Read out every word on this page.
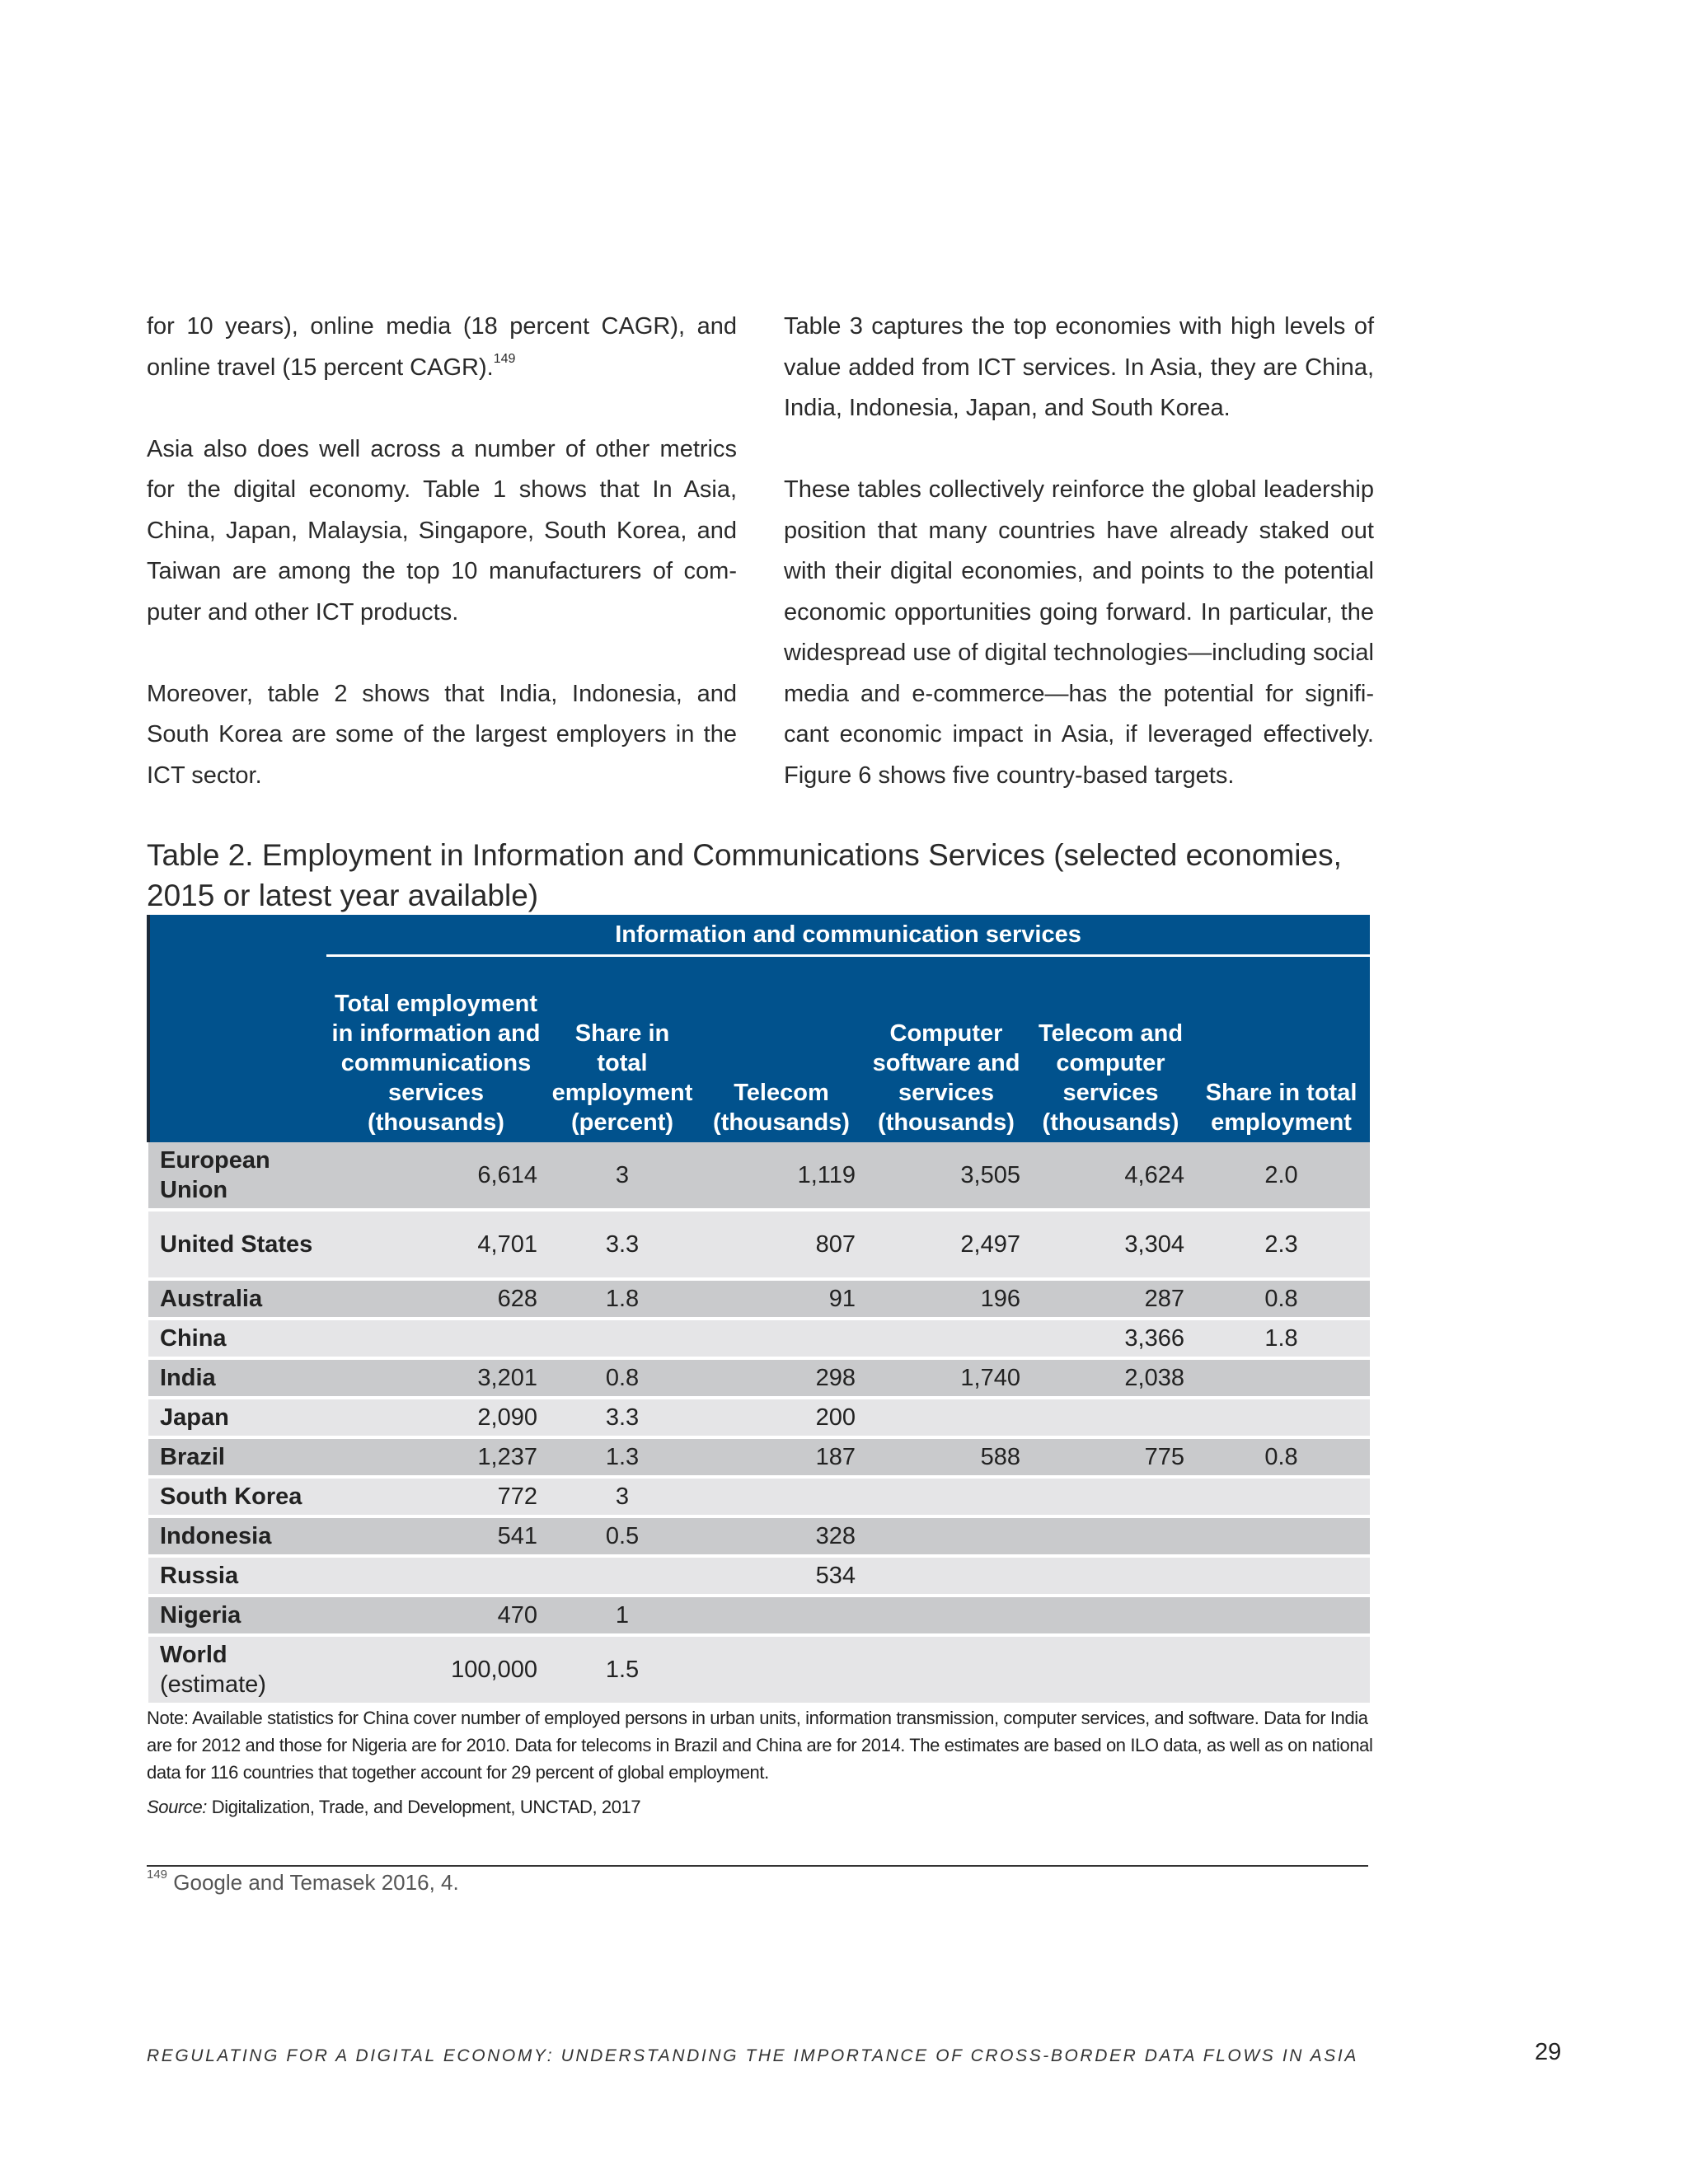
for 10 years), online media (18 percent CAGR), and online travel (15 percent CAGR).$^{149}$

Asia also does well across a number of other metrics for the digital economy. Table 1 shows that In Asia, China, Japan, Malaysia, Singapore, South Korea, and Taiwan are among the top 10 manufacturers of com-puter and other ICT products.

Moreover, table 2 shows that India, Indonesia, and South Korea are some of the largest employers in the ICT sector.

Table 3 captures the top economies with high levels of value added from ICT services. In Asia, they are China, India, Indonesia, Japan, and South Korea.

These tables collectively reinforce the global leadership position that many countries have already staked out with their digital economies, and points to the potential economic opportunities going forward. In particular, the widespread use of digital technologies—including social media and e-commerce—has the potential for signifi-cant economic impact in Asia, if leveraged effectively. Figure 6 shows five country-based targets.

Table 2. Employment in Information and Communications Services (selected economies, 2015 or latest year available)
	Information and communication services					
	Total employment in information and communications services (thousands)	Share in total employment (percent)	Telecom (thousands)	Computer software and services (thousands)	Telecom and computer services (thousands)	Share in total employment
European Union	6,614	3	1,119	3,505	4,624	2.0
United States	4,701	3.3	807	2,497	3,304	2.3
Australia	628	1.8	91	196	287	0.8
China					3,366	1.8
India	3,201	0.8	298	1,740	2,038	
Japan	2,090	3.3	200			
Brazil	1,237	1.3	187	588	775	0.8
South Korea	772	3				
Indonesia	541	0.5	328			
Russia			534			
Nigeria	470	1				
World
(estimate)	100,000	1.5				

Note: Available statistics for China cover number of employed persons in urban units, information transmission, computer services, and software. Data for India are for 2012 and those for Nigeria are for 2010. Data for telecoms in Brazil and China are for 2014. The estimates are based on ILO data, as well as on national data for 116 countries that together account for 29 percent of global employment.

Source: Digitalization, Trade, and Development, UNCTAD, 2017

$^{149}$ Google and Temasek 2016, 4.

REGULATING FOR A DIGITAL ECONOMY: UNDERSTANDING THE IMPORTANCE OF CROSS-BORDER DATA FLOWS IN ASIA	29
